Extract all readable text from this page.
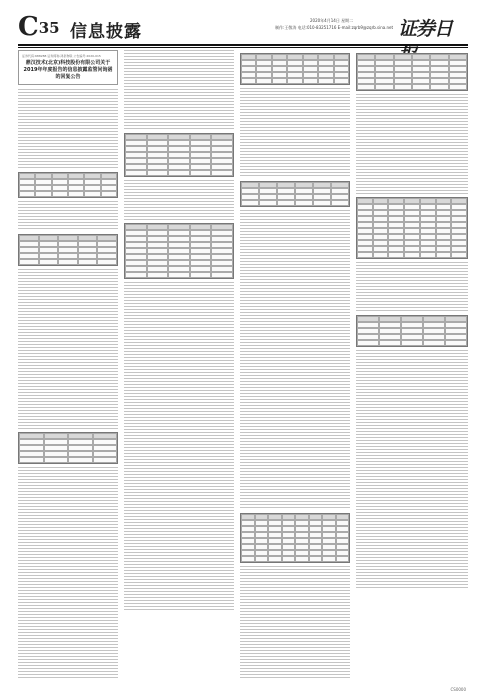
C35 信息披露
2020年4月14日 星期二
制作:王敬涛 电话:010-83251716 E-mail:zqrb9@zqrb.sina.net 证券日
证券代码:688288 证券简称:鸿泉物联 公告编号:2020-015
鼎汉技术(北京)科技股份有限公司关于2019年年度报告的信息披露监管问询函的回复公告
CS0000
